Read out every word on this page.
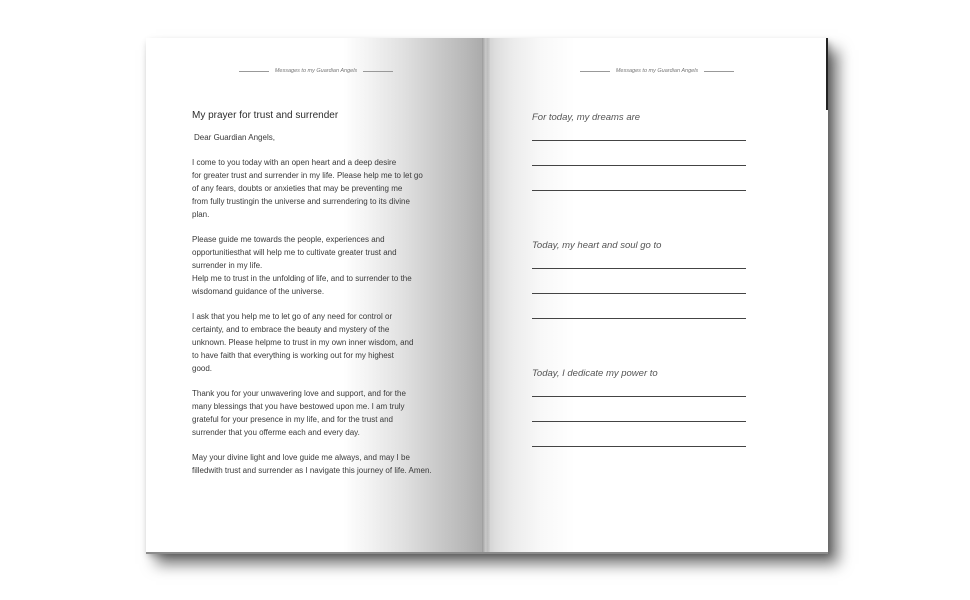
Messages to my Guardian Angels
My prayer for trust and surrender

Dear Guardian Angels,

I come to you today with an open heart and a deep desire
for greater trust and surrender in my life. Please help me to let go
of any fears, doubts or anxieties that may be preventing me
from fully trustingin the universe and surrendering to its divine
plan.

Please guide me towards the people, experiences and
opportunitiesthat will help me to cultivate greater trust and
surrender in my life.
Help me to trust in the unfolding of life, and to surrender to the
wisdomand guidance of the universe.

I ask that you help me to let go of any need for control or
certainty, and to embrace the beauty and mystery of the
unknown. Please helpme to trust in my own inner wisdom, and
to have faith that everything is working out for my highest
good.

Thank you for your unwavering love and support, and for the
many blessings that you have bestowed upon me. I am truly
grateful for your presence in my life, and for the trust and
surrender that you offerme each and every day.

May your divine light and love guide me always, and may I be
filledwith trust and surrender as I navigate this journey of life. Amen.

Messages to my Guardian Angels

For today, my dreams are

Today, my heart and soul go to

Today, I dedicate my power to
